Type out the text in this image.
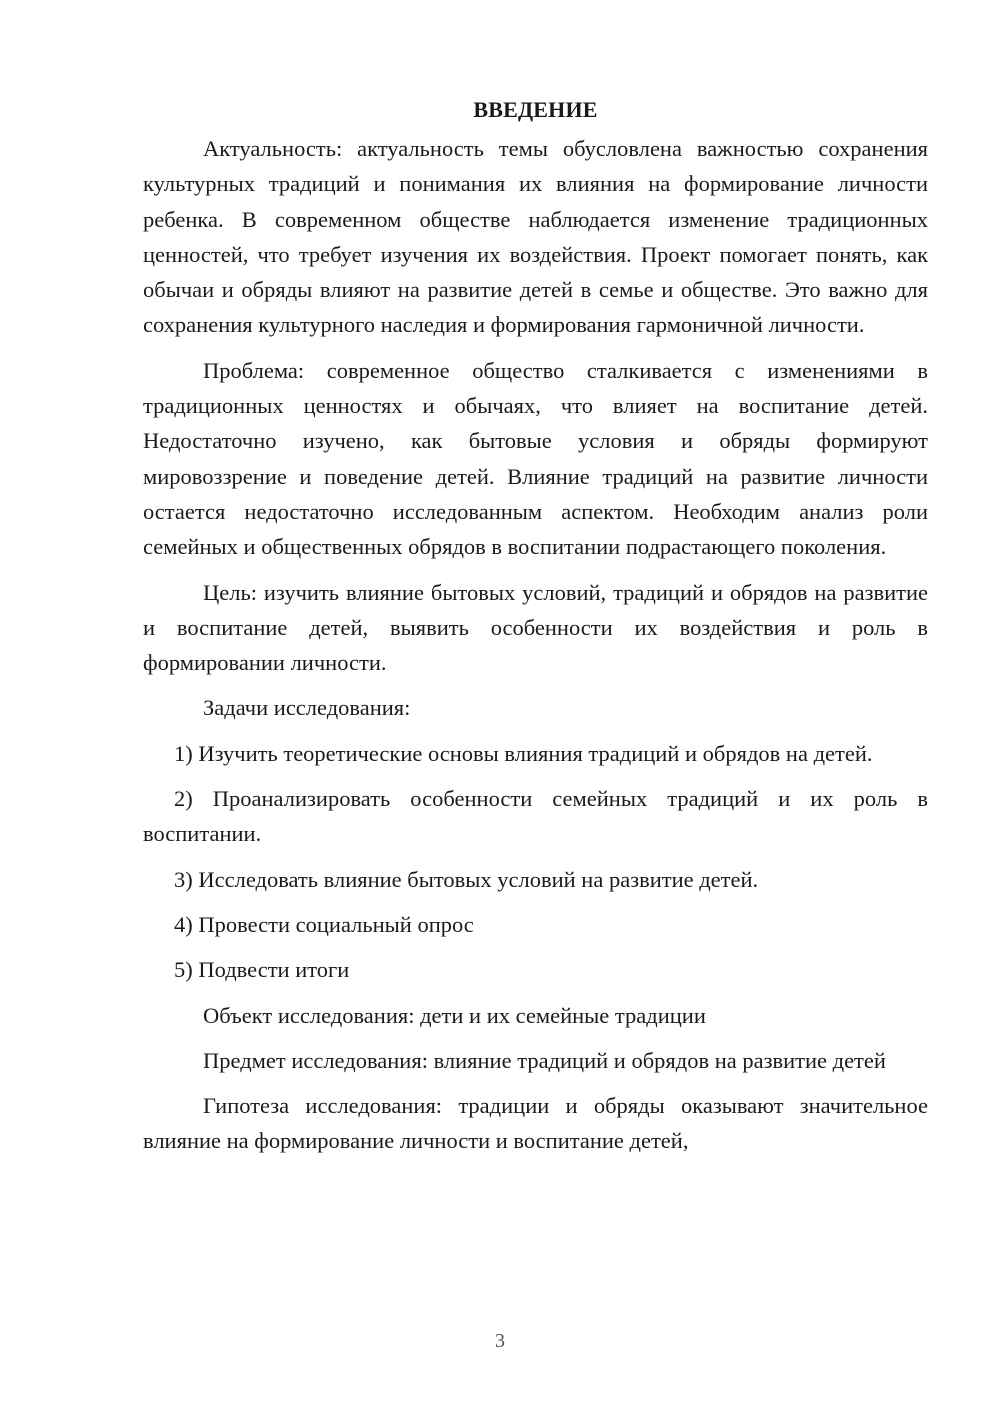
ВВЕДЕНИЕ

Актуальность: актуальность темы обусловлена важностью сохранения культурных традиций и понимания их влияния на формирование личности ребенка. В современном обществе наблюдается изменение традиционных ценностей, что требует изучения их воздействия. Проект помогает понять, как обычаи и обряды влияют на развитие детей в семье и обществе. Это важно для сохранения культурного наследия и формирования гармоничной личности.

Проблема: современное общество сталкивается с изменениями в традиционных ценностях и обычаях, что влияет на воспитание детей. Недостаточно изучено, как бытовые условия и обряды формируют мировоззрение и поведение детей. Влияние традиций на развитие личности остается недостаточно исследованным аспектом. Необходим анализ роли семейных и общественных обрядов в воспитании подрастающего поколения.

Цель: изучить влияние бытовых условий, традиций и обрядов на развитие и воспитание детей, выявить особенности их воздействия и роль в формировании личности.

Задачи исследования:

1) Изучить теоретические основы влияния традиций и обрядов на детей.

2) Проанализировать особенности семейных традиций и их роль в воспитании.

3) Исследовать влияние бытовых условий на развитие детей.

4) Провести социальный опрос

5) Подвести итоги

Объект исследования: дети и их семейные традиции

Предмет исследования: влияние традиций и обрядов на развитие детей

Гипотеза исследования: традиции и обряды оказывают значительное влияние на формирование личности и воспитание детей,

3
